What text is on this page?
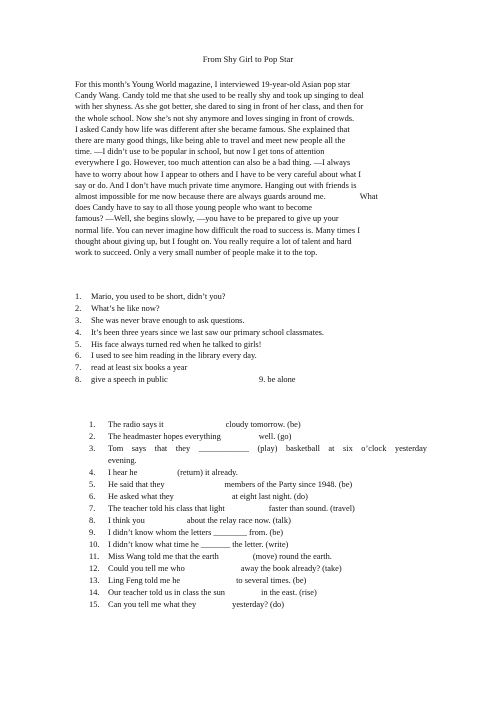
From Shy Girl to Pop Star
For this month’s Young World magazine, I interviewed 19-year-old Asian pop star
Candy Wang. Candy told me that she used to be really shy and took up singing to deal
with her shyness. As she got better, she dared to sing in front of her class, and then for
the whole school. Now she’s not shy anymore and loves singing in front of crowds.
I asked Candy how life was different after she became famous. She explained that
there are many good things, like being able to travel and meet new people all the
time. —I didn’t use to be popular in school, but now I get tons of attention
everywhere I go. However, too much attention can also be a bad thing. —I always
have to worry about how I appear to others and I have to be very careful about what I
say or do. And I don’t have much private time anymore. Hanging out with friends is
almost impossible for me now because there are always guards around me.	What
does Candy have to say to all those young people who want to become
famous? —Well, she begins slowly, —you have to be prepared to give up your
normal life. You can never imagine how difficult the road to success is. Many times I
thought about giving up, but I fought on. You really require a lot of talent and hard
work to succeed. Only a very small number of people make it to the top.
1. Mario, you used to be short, didn’t you?
2. What’s he like now?
3. She was never brave enough to ask questions.
4. It’s been three years since we last saw our primary school classmates.
5. His face always turned red when he talked to girls!
6. I used to see him reading in the library every day.
7. read at least six books a year
8. give a speech in public	9. be alone
1. The radio says it	cloudy tomorrow. (be)
2. The headmaster hopes everything	well. (go)
3. Tom says that they ____________ (play) basketball at six o’clock yesterday
evening.
4. I hear he	(return) it already.
5. He said that they	members of the Party since 1948. (be)
6. He asked what they	at eight last night. (do)
7. The teacher told his class that light	faster than sound. (travel)
8. I think you	about the relay race now. (talk)
9. I didn’t know whom the letters ________ from. (be)
10. I didn’t know what time he _______ the letter. (write)
11. Miss Wang told me that the earth	(move) round the earth.
12. Could you tell me who	away the book already? (take)
13. Ling Feng told me he	to several times. (be)
14. Our teacher told us in class the sun	in the east. (rise)
15. Can you tell me what they	yesterday? (do)
